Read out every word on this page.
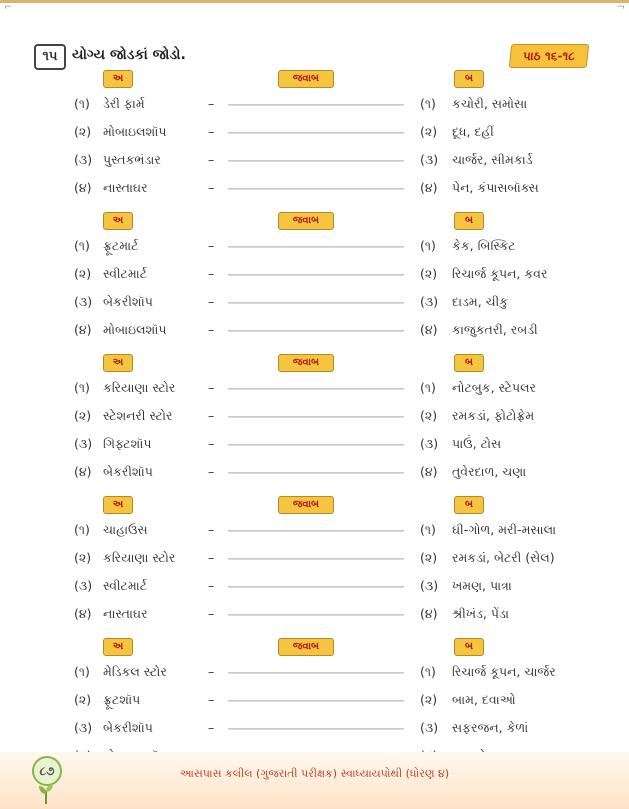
⌐	¬
૧૫	યોગ્ય જોડકાં જોડો.	પાઠ ૧૬-૧૮
અ	જવાબ	બ
(૧) ડેરી ફાર્મ	–	(૧) કચોરી, સમોસા
(૨) મોબાઇલશૉપ	–	(૨) દૂધ, દહીં
(૩) પુસ્તકભંડાર	–	(૩) ચાર્જર, સીમકાર્ડ
(૪) નાસ્તાઘર	–	(૪) પેન, કંપાસબૉક્સ
અ	જવાબ	બ
(૧) ફ્રૂટમાર્ટ	–	(૧) કેક, બિસ્કિટ
(૨) સ્વીટમાર્ટ	–	(૨) રિચાર્જ કૂપન, કવર
(૩) બેકરીશૉપ	–	(૩) દાડમ, ચીકુ
(૪) મોબાઇલશૉપ	–	(૪) કાજુકતરી, રબડી
અ	જવાબ	બ
(૧) કરિયાણા સ્ટોર	–	(૧) નોટબુક, સ્ટેપલર
(૨) સ્ટેશનરી સ્ટોર	–	(૨) રમકડાં, ફોટોફ્રેમ
(૩) ગિફ્ટશૉપ	–	(૩) પાઉં, ટોસ
(૪) બેકરીશૉપ	–	(૪) તુવેરદાળ, ચણા
અ	જવાબ	બ
(૧) ચાહાઉસ	–	(૧) ઘી-ગોળ, મરી-મસાલા
(૨) કરિયાણા સ્ટોર	–	(૨) રમકડાં, બેટરી (સેલ)
(૩) સ્વીટમાર્ટ	–	(૩) ખમણ, પાત્રા
(૪) નાસ્તાઘર	–	(૪) શ્રીખંડ, પેંડા
અ	જવાબ	બ
(૧) મેડિકલ સ્ટોર	–	(૧) રિચાર્જ કૂપન, ચાર્જર
(૨) ફ્રૂટશૉપ	–	(૨) બામ, દવાઓ
(૩) બેકરીશૉપ	–	(૩) સફરજન, કેળાં
૮૭	આસપાસ કલીલ (ગુજરાતી પરીક્ષક) સ્વાધ્યાયપોથી (ધોરણ ૪)
